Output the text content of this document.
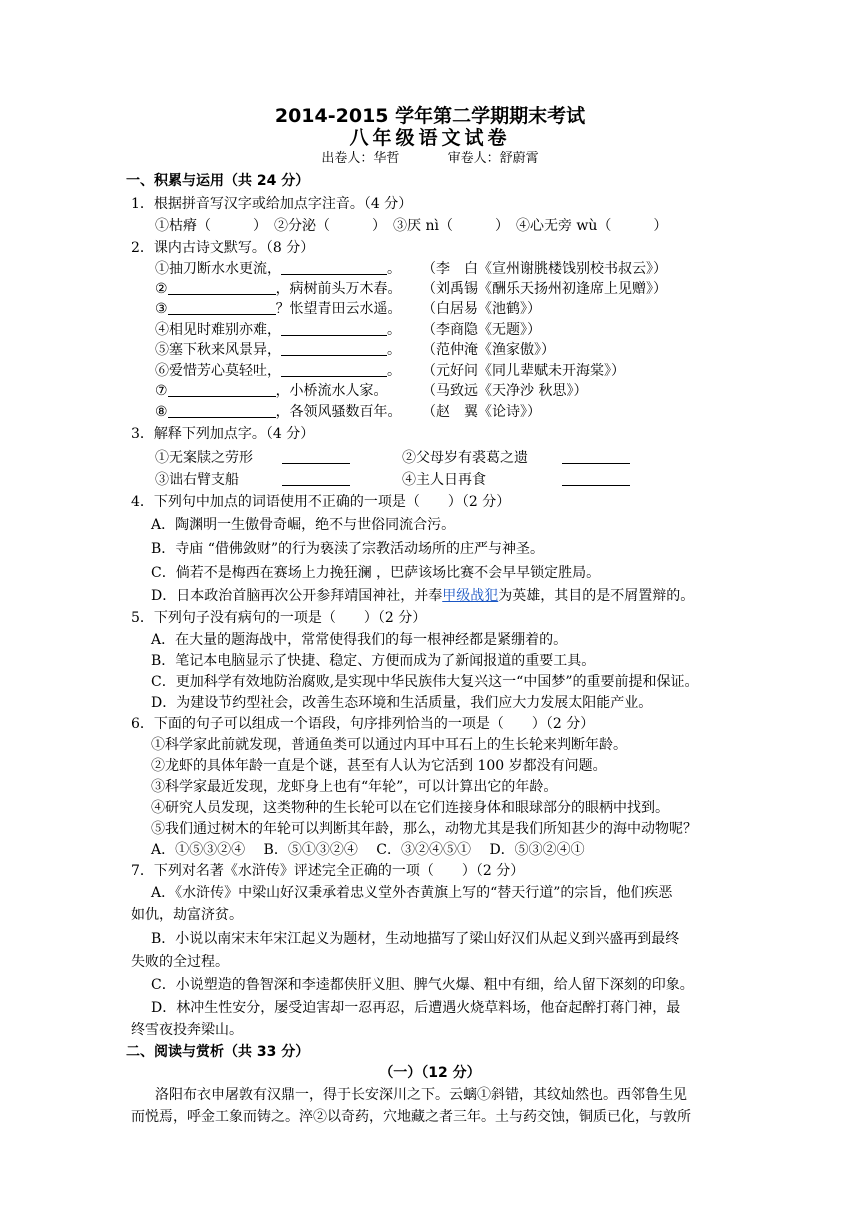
2014-2015 学年第二学期期末考试
八年级语文试卷
出卷人：华哲	审卷人：舒蔚霄
一、积累与运用（共 24 分）
1．根据拼音写汉字或给加点字注音。（4 分）
①枯瘠（　　　）　②分泌（　　　）　③厌 nì（　　　）　④心无旁 wù（　　　）
2．课内古诗文默写。（8 分）
①抽刀断水水更流，	。 （李　白《宣州谢朓楼饯别校书叔云》）
②	，病树前头万木春。 （刘禹锡《酬乐天扬州初逢席上见赠》）
③	？怅望青田云水遥。 （白居易《池鹤》）
④相见时难别亦难，	。 （李商隐《无题》）
⑤塞下秋来风景异，	。 （范仲淹《渔家傲》）
⑥爱惜芳心莫轻吐，	。 （元好问《同儿辈赋未开海棠》）
⑦	，小桥流水人家。 （马致远《天净沙 秋思》）
⑧	，各领风骚数百年。 （赵　翼《论诗》）
3．解释下列加点字。（4 分）
①无案牍之劳形	②父母岁有裘葛之遗
③诎右臂支船	④主人日再食
4．下列句中加点的词语使用不正确的一项是（　　）（2 分）
A．陶渊明一生傲骨奇崛，绝不与世俗同流合污。
B．寺庙 “借佛敛财”的行为亵渎了宗教活动场所的庄严与神圣。
C．倘若不是梅西在赛场上力挽狂澜 ，巴萨该场比赛不会早早锁定胜局。
D．日本政治首脑再次公开参拜靖国神社，并奉甲级战犯为英雄，其目的是不屑置辩的。
5．下列句子没有病句的一项是（　　）（2 分）
A．在大量的题海战中，常常使得我们的每一根神经都是紧绷着的。
B．笔记本电脑显示了快捷、稳定、方便而成为了新闻报道的重要工具。
C．更加科学有效地防治腐败,是实现中华民族伟大复兴这一“中国梦”的重要前提和保证。
D．为建设节约型社会，改善生态环境和生活质量，我们应大力发展太阳能产业。
6．下面的句子可以组成一个语段，句序排列恰当的一项是（　　）（2 分）
①科学家此前就发现，普通鱼类可以通过内耳中耳石上的生长轮来判断年龄。
②龙虾的具体年龄一直是个谜，甚至有人认为它活到 100 岁都没有问题。
③科学家最近发现，龙虾身上也有“年轮”，可以计算出它的年龄。
④研究人员发现，这类物种的生长轮可以在它们连接身体和眼球部分的眼柄中找到。
⑤我们通过树木的年轮可以判断其年龄，那么，动物尤其是我们所知甚少的海中动物呢？
A．①⑤③②④　 B．⑤①③②④　 C．③②④⑤①　 D．⑤③②④①
7．下列对名著《水浒传》评述完全正确的一项（　　）（2 分）
A．《水浒传》中梁山好汉秉承着忠义堂外杏黄旗上写的“替天行道”的宗旨，他们疾恶
如仇，劫富济贫。
B．小说以南宋末年宋江起义为题材，生动地描写了梁山好汉们从起义到兴盛再到最终
失败的全过程。
C．小说塑造的鲁智深和李逵都侠肝义胆、脾气火爆、粗中有细，给人留下深刻的印象。
D．林冲生性安分，屡受迫害却一忍再忍，后遭遇火烧草料场，他奋起醉打蒋门神，最
终雪夜投奔梁山。
二、阅读与赏析（共 33 分）
（一）（12 分）
洛阳布衣申屠敦有汉鼎一，得于长安深川之下。云螭①斜错，其纹灿然也。西邻鲁生见
而悦焉，呼金工象而铸之。淬②以奇药，穴地藏之者三年。土与药交蚀，铜质已化，与敦所
